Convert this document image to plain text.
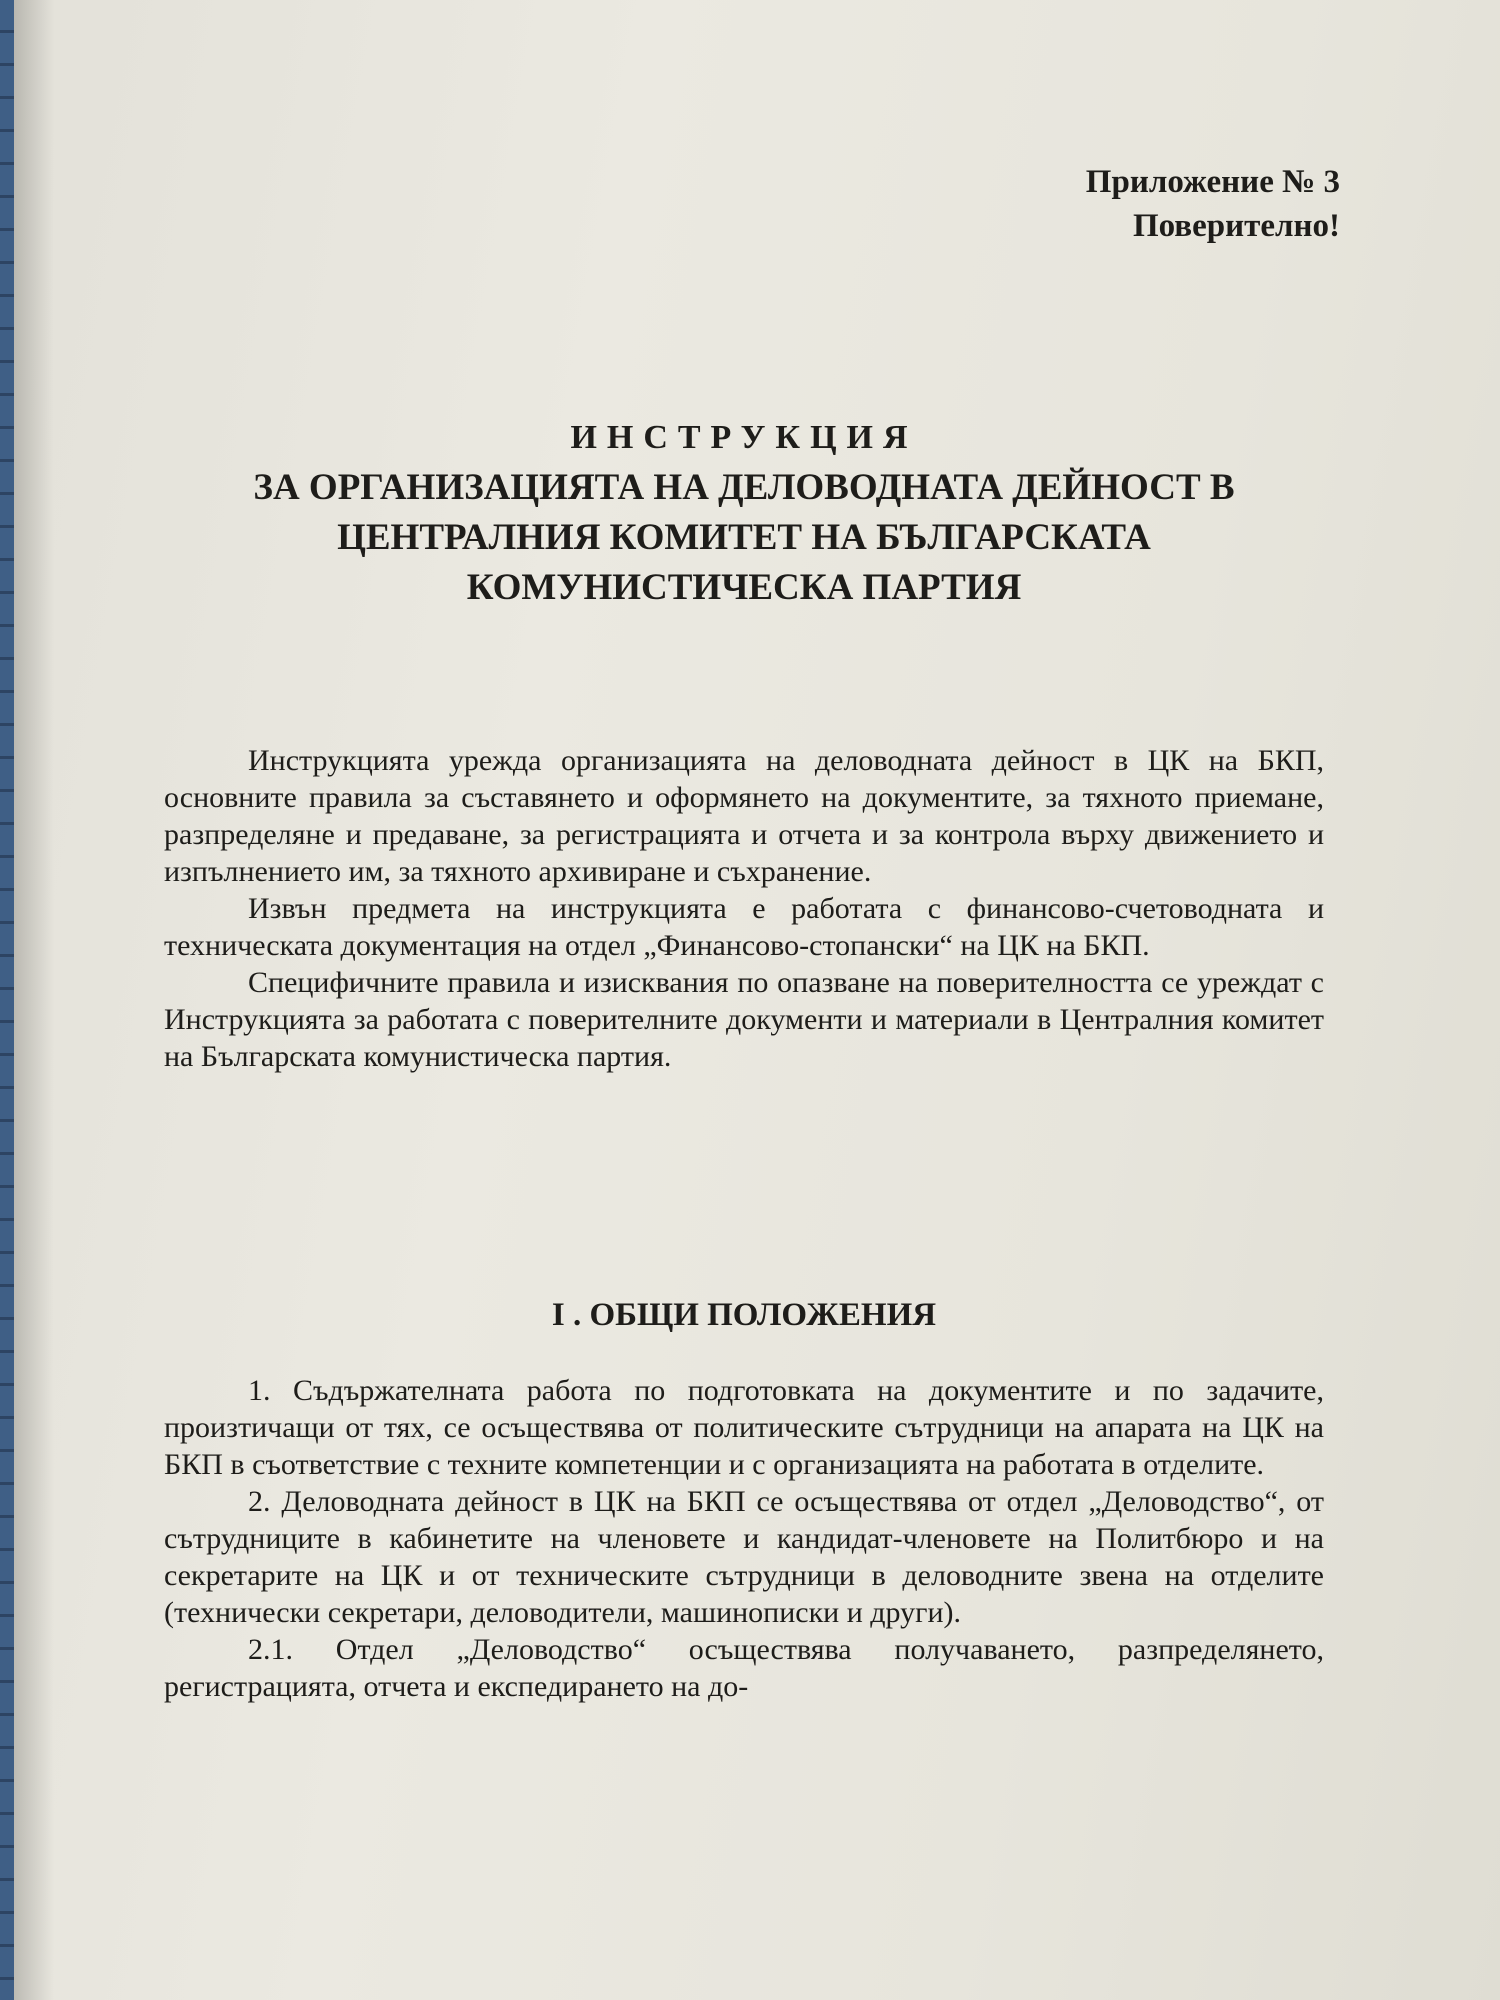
Приложение № 3
Поверително!
ИНСТРУКЦИЯ

ЗА ОРГАНИЗАЦИЯТА НА ДЕЛОВОДНАТА ДЕЙНОСТ В

ЦЕНТРАЛНИЯ КОМИТЕТ НА БЪЛГАРСКАТА

КОМУНИСТИЧЕСКА ПАРТИЯ

Инструкцията урежда организацията на деловодната дейност в ЦК на БКП, основните правила за съставянето и оформянето на документите, за тяхното приемане, разпределяне и предаване, за регистрацията и отчета и за контрола върху движението и изпълнението им, за тяхното архивиране и съхранение.

Извън предмета на инструкцията е работата с финансово-счетоводната и техническата документация на отдел „Финансово-стопански“ на ЦК на БКП.

Специфичните правила и изисквания по опазване на поверителността се уреждат с Инструкцията за работата с поверителните документи и материали в Централния комитет на Българската комунистическа партия.

I . ОБЩИ ПОЛОЖЕНИЯ

1. Съдържателната работа по подготовката на документите и по задачите, произтичащи от тях, се осъществява от политическите сътрудници на апарата на ЦК на БКП в съответствие с техните компетенции и с организацията на работата в отделите.

2. Деловодната дейност в ЦК на БКП се осъществява от отдел „Деловодство“, от сътрудниците в кабинетите на членовете и кандидат-членовете на Политбюро и на секретарите на ЦК и от техническите сътрудници в деловодните звена на отделите (технически секретари, деловодители, машинописки и други).

2.1. Отдел „Деловодство“ осъществява получаването, разпределянето, регистрацията, отчета и експедирането на до-
